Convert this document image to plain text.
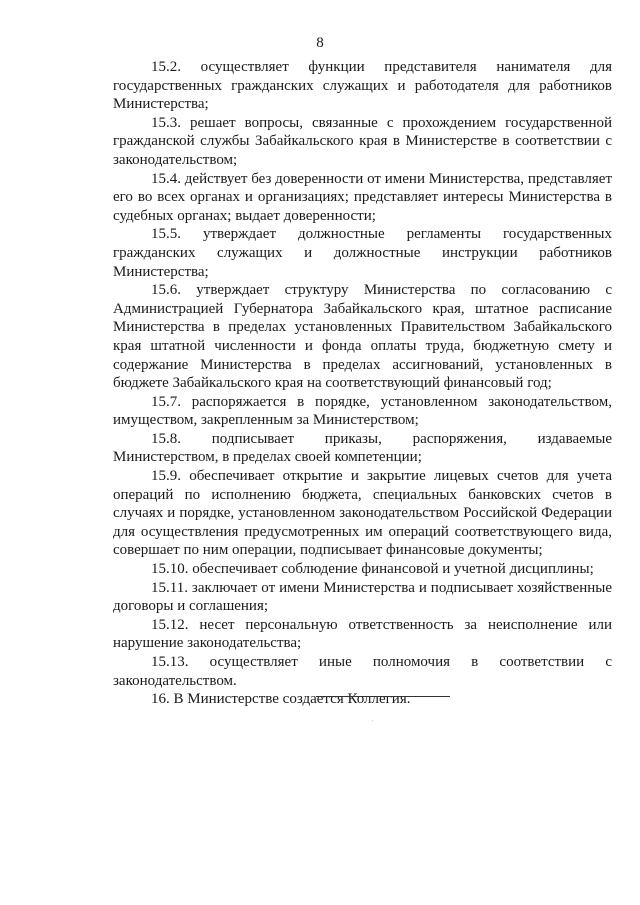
8

15.2. осуществляет функции представителя нанимателя для государственных гражданских служащих и работодателя для работников Министерства;

15.3. решает вопросы, связанные с прохождением государственной гражданской службы Забайкальского края в Министерстве в соответствии с законодательством;

15.4. действует без доверенности от имени Министерства, представляет его во всех органах и организациях; представляет интересы Министерства в судебных органах; выдает доверенности;

15.5. утверждает должностные регламенты государственных гражданских служащих и должностные инструкции работников Министерства;

15.6. утверждает структуру Министерства по согласованию с Администрацией Губернатора Забайкальского края, штатное расписание Министерства в пределах установленных Правительством Забайкальского края штатной численности и фонда оплаты труда, бюджетную смету и содержание Министерства в пределах ассигнований, установленных в бюджете Забайкальского края на соответствующий финансовый год;

15.7. распоряжается в порядке, установленном законодательством, имуществом, закрепленным за Министерством;

15.8. подписывает приказы, распоряжения, издаваемые Министерством, в пределах своей компетенции;

15.9. обеспечивает открытие и закрытие лицевых счетов для учета операций по исполнению бюджета, специальных банковских счетов в случаях и порядке, установленном законодательством Российской Федерации для осуществления предусмотренных им операций соответствующего вида, совершает по ним операции, подписывает финансовые документы;

15.10. обеспечивает соблюдение финансовой и учетной дисциплины;

15.11. заключает от имени Министерства и подписывает хозяйственные договоры и соглашения;

15.12. несет персональную ответственность за неисполнение или нарушение законодательства;

15.13. осуществляет иные полномочия в соответствии с законодательством.

16. В Министерстве создается Коллегия.
